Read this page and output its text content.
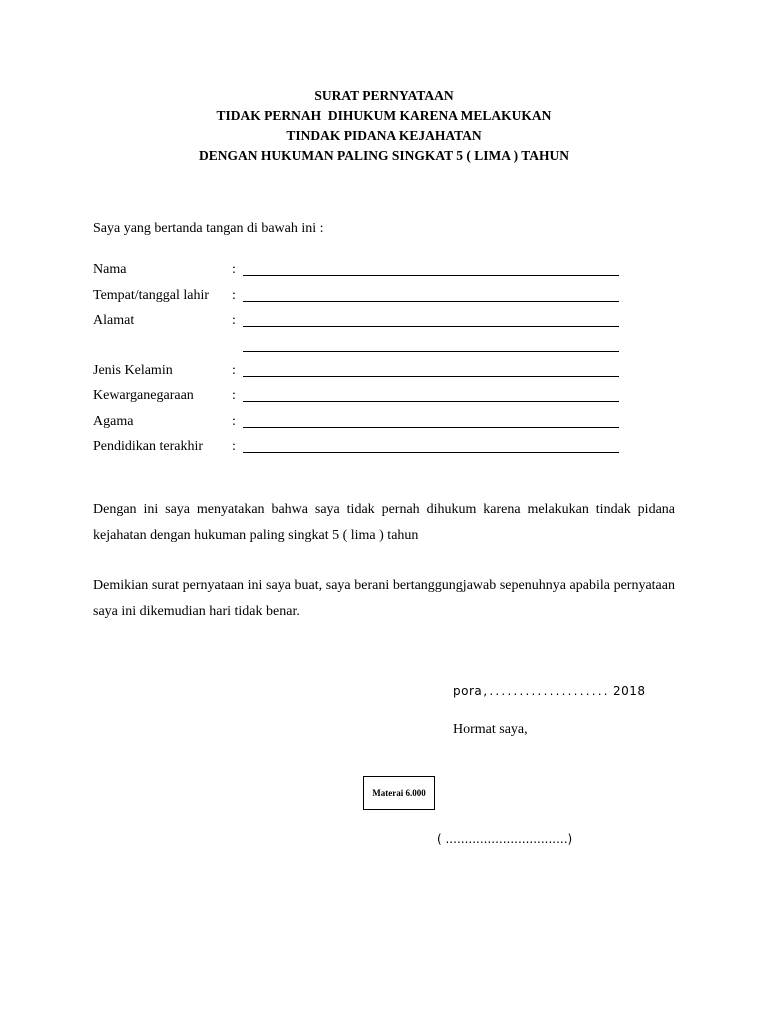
SURAT PERNYATAAN
TIDAK PERNAH  DIHUKUM KARENA MELAKUKAN
TINDAK PIDANA KEJAHATAN
DENGAN HUKUMAN PALING SINGKAT 5 ( LIMA ) TAHUN
Saya yang bertanda tangan di bawah ini :
Nama	:
Tempat/tanggal lahir :
Alamat	:
Jenis Kelamin	:
Kewarganegaraan	:
Agama	:
Pendidikan terakhir :
Dengan ini saya menyatakan bahwa saya tidak pernah dihukum karena melakukan tindak pidana kejahatan dengan hukuman paling singkat 5 ( lima ) tahun
Demikian surat pernyataan ini saya buat, saya berani bertanggungjawab sepenuhnya apabila pernyataan saya ini dikemudian hari tidak benar.
pora,.................... 2018
Hormat saya,
Materai 6.000
( ................................)
